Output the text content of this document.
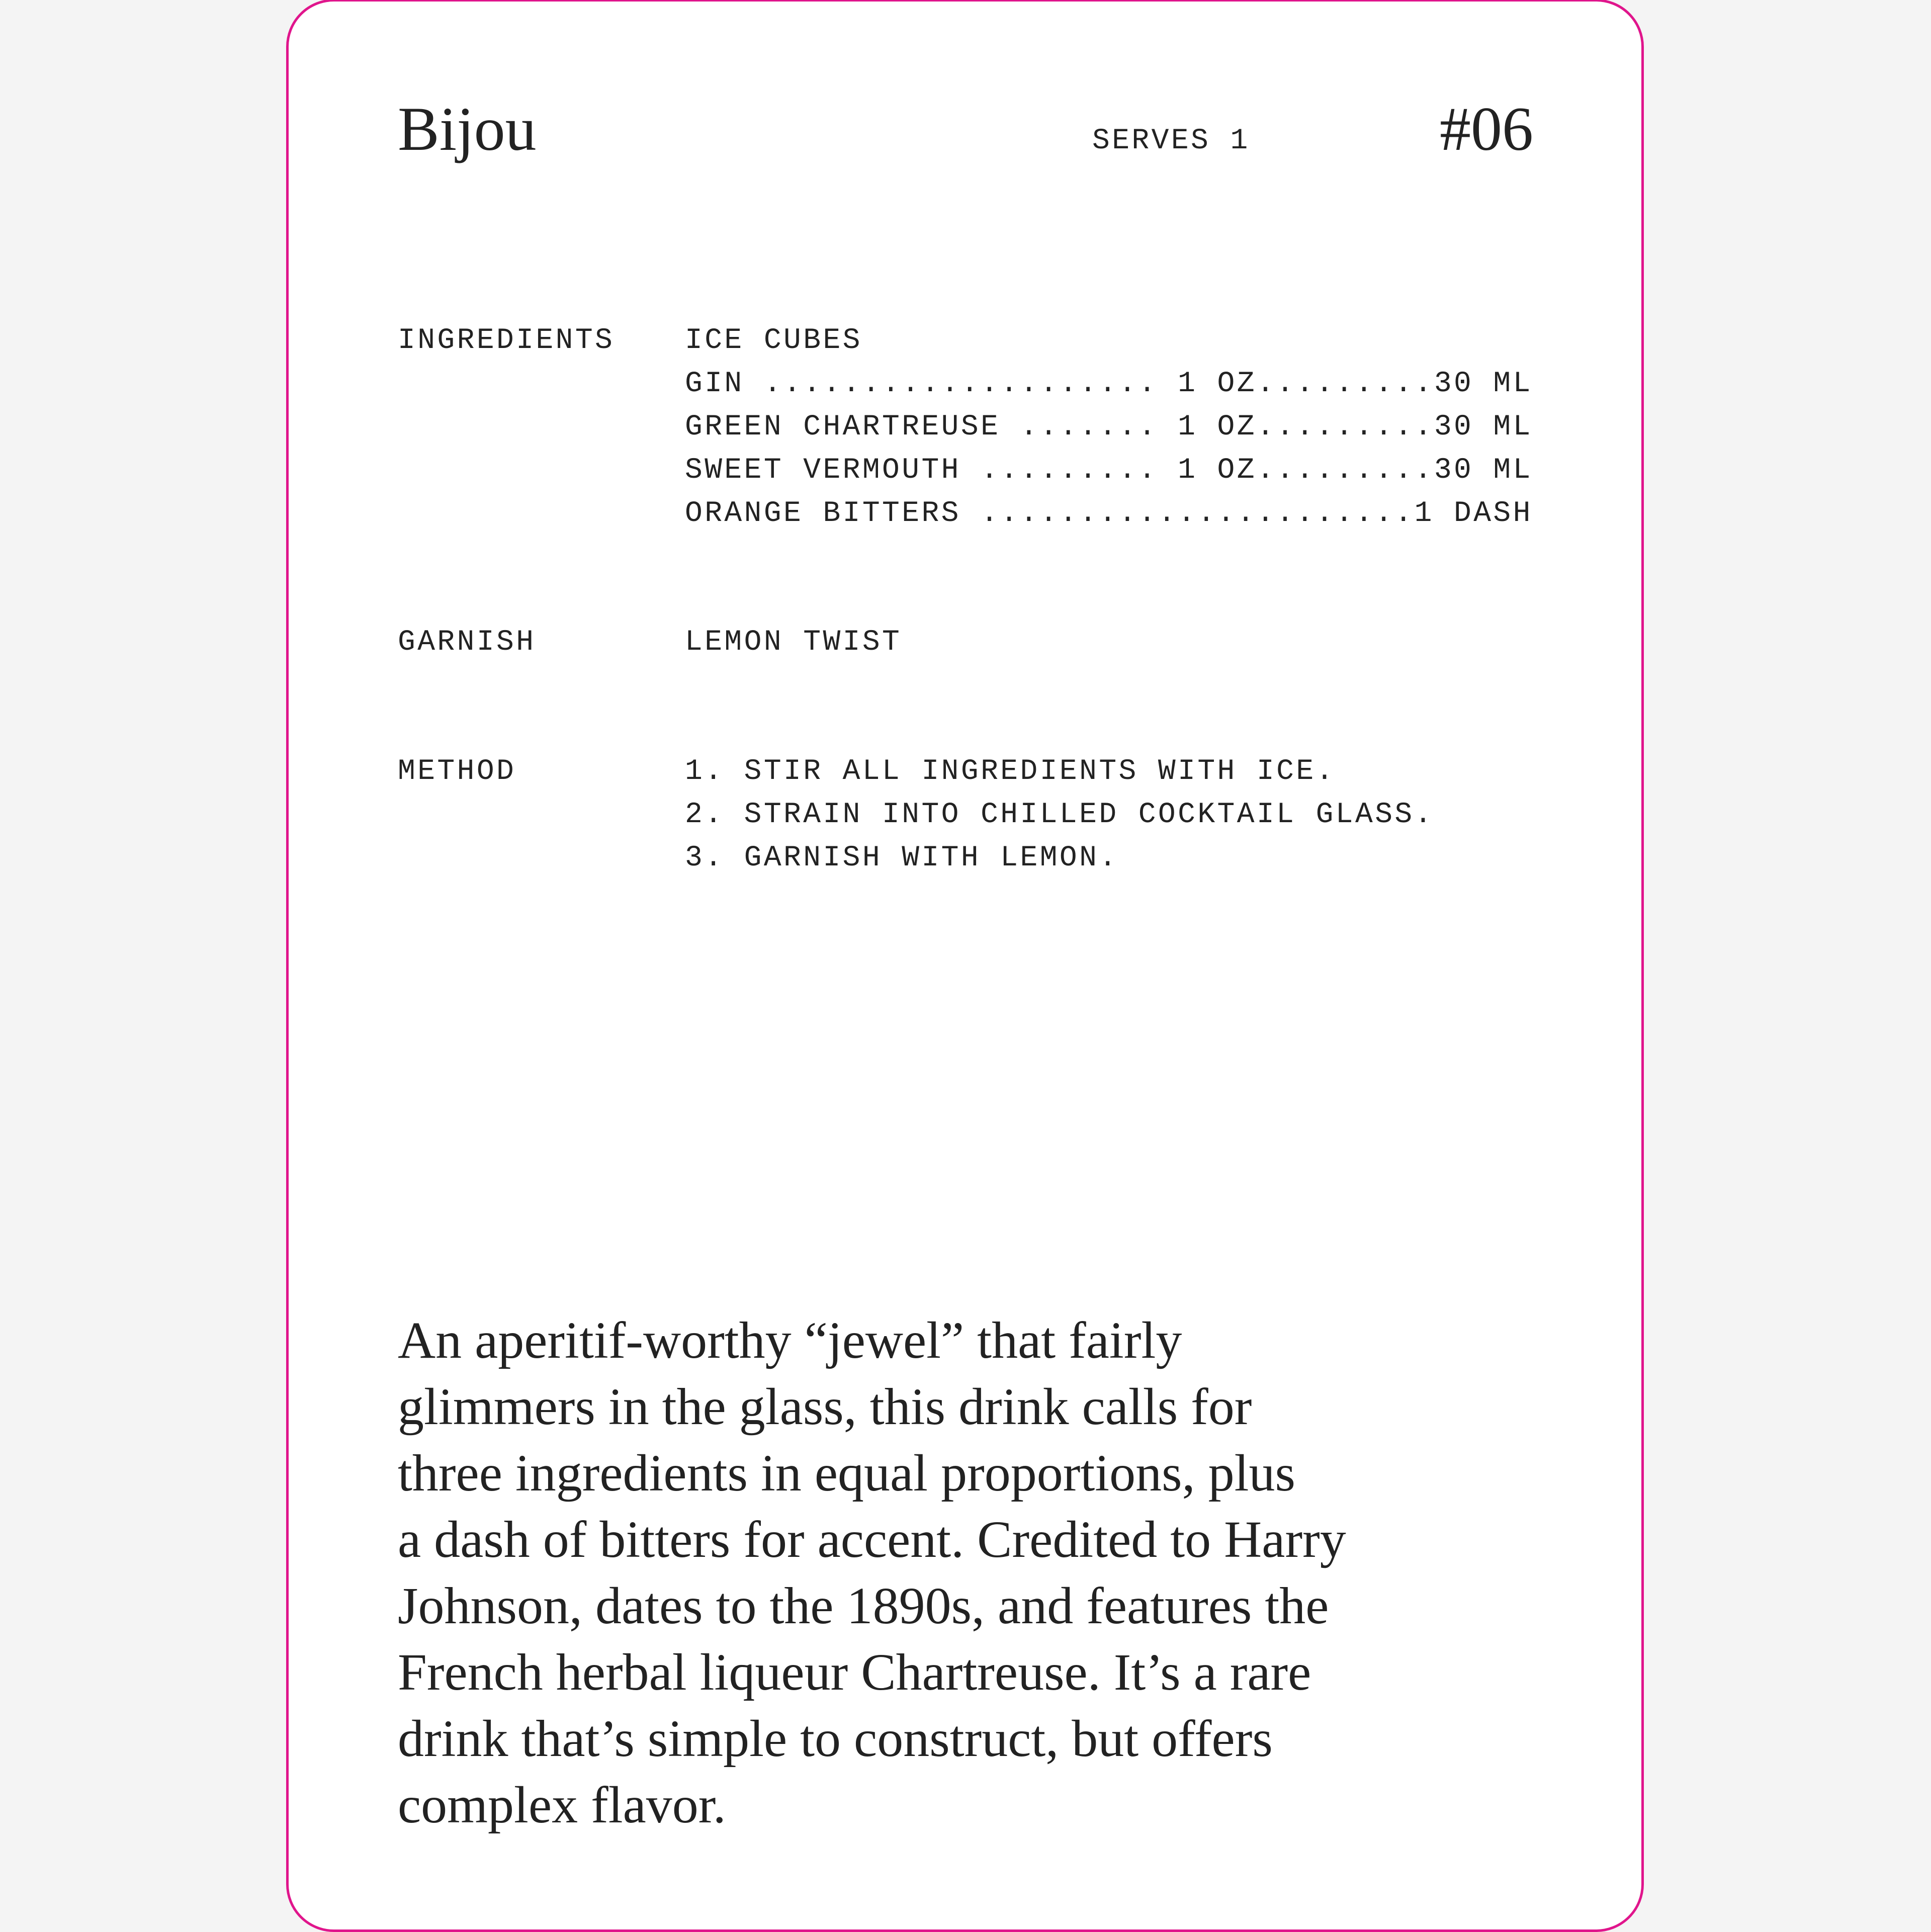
Bijou	SERVES 1	#06
INGREDIENTS ICE CUBES
GIN .................... 1 OZ.........30 ML
GREEN CHARTREUSE ....... 1 OZ.........30 ML
SWEET VERMOUTH ......... 1 OZ.........30 ML
ORANGE BITTERS ......................1 DASH
GARNISH	LEMON TWIST
METHOD	1. STIR ALL INGREDIENTS WITH ICE.
2. STRAIN INTO CHILLED COCKTAIL GLASS.
3. GARNISH WITH LEMON.
An aperitif-worthy “jewel” that fairly
glimmers in the glass, this drink calls for
three ingredients in equal proportions, plus
a dash of bitters for accent. Credited to Harry
Johnson, dates to the 1890s, and features the
French herbal liqueur Chartreuse. It’s a rare
drink that’s simple to construct, but offers
complex flavor.
